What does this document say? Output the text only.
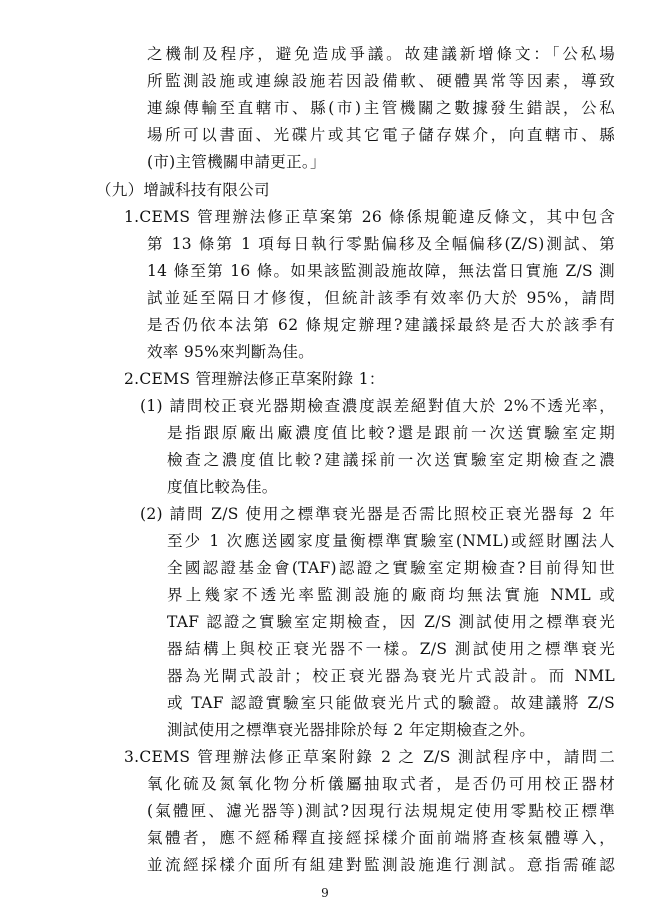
之機制及程序，避免造成爭議。故建議新增條文：「公私場
所監測設施或連線設施若因設備軟、硬體異常等因素，導致
連線傳輸至直轄市、縣(市)主管機關之數據發生錯誤，公私
場所可以書面、光碟片或其它電子儲存媒介，向直轄市、縣
(市)主管機關申請更正。」
（九）增誠科技有限公司
1.CEMS 管理辦法修正草案第 26 條係規範違反條文，其中包含
第 13 條第 1 項每日執行零點偏移及全幅偏移(Z/S)測試、第
14 條至第 16 條。如果該監測設施故障，無法當日實施 Z/S 測
試並延至隔日才修復，但統計該季有效率仍大於 95%，請問
是否仍依本法第 62 條規定辦理?建議採最終是否大於該季有
效率 95%來判斷為佳。
2.CEMS 管理辦法修正草案附錄 1：
(1) 請問校正衰光器期檢查濃度誤差絕對值大於 2%不透光率，
是指跟原廠出廠濃度值比較?還是跟前一次送實驗室定期
檢查之濃度值比較?建議採前一次送實驗室定期檢查之濃
度值比較為佳。
(2) 請問 Z/S 使用之標準衰光器是否需比照校正衰光器每 2 年
至少 1 次應送國家度量衡標準實驗室(NML)或經財團法人
全國認證基金會(TAF)認證之實驗室定期檢查?目前得知世
界上幾家不透光率監測設施的廠商均無法實施 NML 或
TAF 認證之實驗室定期檢查，因 Z/S 測試使用之標準衰光
器結構上與校正衰光器不一樣。Z/S 測試使用之標準衰光
器為光閘式設計；校正衰光器為衰光片式設計。而 NML
或 TAF 認證實驗室只能做衰光片式的驗證。故建議將 Z/S
測試使用之標準衰光器排除於每 2 年定期檢查之外。
3.CEMS 管理辦法修正草案附錄 2 之 Z/S 測試程序中，請問二
氧化硫及氮氧化物分析儀屬抽取式者，是否仍可用校正器材
(氣體匣、濾光器等)測試?因現行法規規定使用零點校正標準
氣體者，應不經稀釋直接經採樣介面前端將查核氣體導入，
並流經採樣介面所有組建對監測設施進行測試。意指需確認
9
